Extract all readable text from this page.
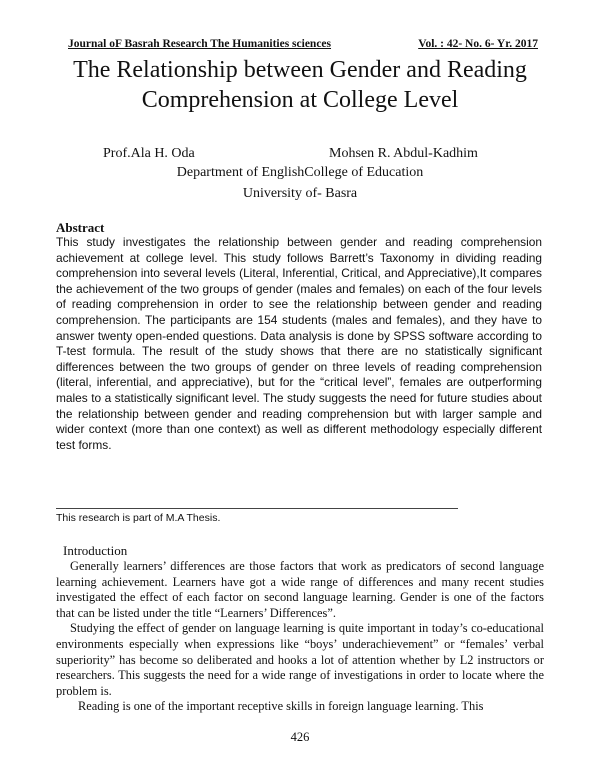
Journal oF Basrah Research The Humanities sciences	Vol. : 42- No. 6- Yr. 2017
The Relationship between Gender and Reading Comprehension at College Level
Prof.Ala H. Oda	Mohsen R. Abdul-Kadhim
Department of EnglishCollege of Education
University of- Basra
Abstract

This study investigates the relationship between gender and reading comprehension achievement at college level. This study follows Barrett’s Taxonomy in dividing reading comprehension into several levels (Literal, Inferential, Critical, and Appreciative),It compares the achievement of the two groups of gender (males and females) on each of the four levels of reading comprehension in order to see the relationship between gender and reading comprehension. The participants are 154 students (males and females), and they have to answer twenty open-ended questions. Data analysis is done by SPSS software according to T-test formula. The result of the study shows that there are no statistically significant differences between the two groups of gender on three levels of reading comprehension (literal, inferential, and appreciative), but for the “critical level”, females are outperforming males to a statistically significant level. The study suggests the need for future studies about the relationship between gender and reading comprehension but with larger sample and wider context (more than one context) as well as different methodology especially different test forms.

This research is part of M.A Thesis.
Introduction

Generally learners’ differences are those factors that work as predicators of second language learning achievement. Learners have got a wide range of differences and many recent studies investigated the effect of each factor on second language learning. Gender is one of the factors that can be listed under the title “Learners’ Differences”.

Studying the effect of gender on language learning is quite important in today’s co-educational environments especially when expressions like “boys’ underachievement” or “females’ verbal superiority” has become so deliberated and hooks a lot of attention whether by L2 instructors or researchers. This suggests the need for a wide range of investigations in order to locate where the problem is.

Reading is one of the important receptive skills in foreign language learning. This

426
